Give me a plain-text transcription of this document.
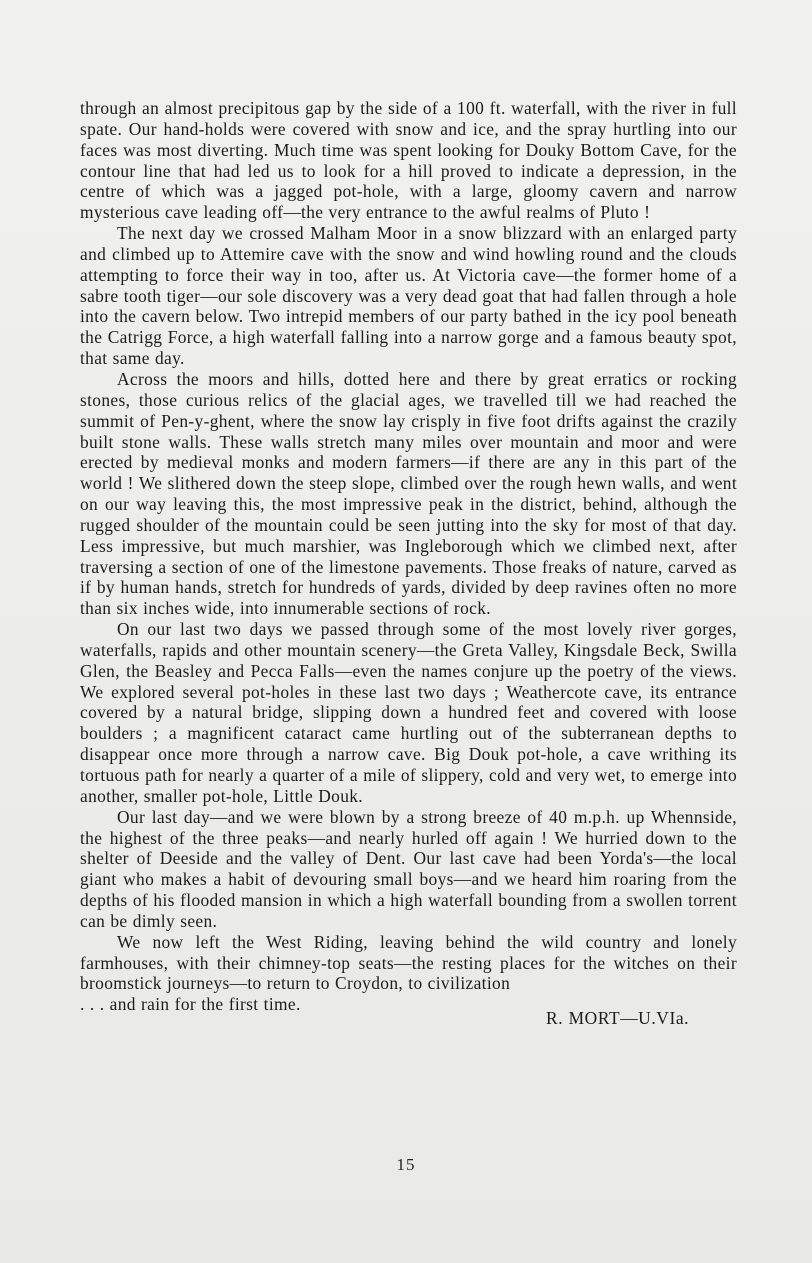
through an almost precipitous gap by the side of a 100 ft. waterfall, with the river in full spate. Our hand-holds were covered with snow and ice, and the spray hurtling into our faces was most diverting. Much time was spent looking for Douky Bottom Cave, for the contour line that had led us to look for a hill proved to indicate a depression, in the centre of which was a jagged pot-hole, with a large, gloomy cavern and narrow mysterious cave leading off—the very entrance to the awful realms of Pluto !

The next day we crossed Malham Moor in a snow blizzard with an enlarged party and climbed up to Attemire cave with the snow and wind howling round and the clouds attempting to force their way in too, after us. At Victoria cave—the former home of a sabre tooth tiger—our sole discovery was a very dead goat that had fallen through a hole into the cavern below. Two intrepid members of our party bathed in the icy pool beneath the Catrigg Force, a high waterfall falling into a narrow gorge and a famous beauty spot, that same day.

Across the moors and hills, dotted here and there by great erratics or rocking stones, those curious relics of the glacial ages, we travelled till we had reached the summit of Pen-y-ghent, where the snow lay crisply in five foot drifts against the crazily built stone walls. These walls stretch many miles over mountain and moor and were erected by medieval monks and modern farmers—if there are any in this part of the world ! We slithered down the steep slope, climbed over the rough hewn walls, and went on our way leaving this, the most impressive peak in the district, behind, although the rugged shoulder of the mountain could be seen jutting into the sky for most of that day. Less impressive, but much marshier, was Ingleborough which we climbed next, after traversing a section of one of the limestone pavements. Those freaks of nature, carved as if by human hands, stretch for hundreds of yards, divided by deep ravines often no more than six inches wide, into innumerable sections of rock.

On our last two days we passed through some of the most lovely river gorges, waterfalls, rapids and other mountain scenery—the Greta Valley, Kingsdale Beck, Swilla Glen, the Beasley and Pecca Falls—even the names conjure up the poetry of the views. We explored several pot-holes in these last two days ; Weathercote cave, its entrance covered by a natural bridge, slipping down a hundred feet and covered with loose boulders ; a magnificent cataract came hurtling out of the subterranean depths to disappear once more through a narrow cave. Big Douk pot-hole, a cave writhing its tortuous path for nearly a quarter of a mile of slippery, cold and very wet, to emerge into another, smaller pot-hole, Little Douk.

Our last day—and we were blown by a strong breeze of 40 m.p.h. up Whennside, the highest of the three peaks—and nearly hurled off again ! We hurried down to the shelter of Deeside and the valley of Dent. Our last cave had been Yorda's—the local giant who makes a habit of devouring small boys—and we heard him roaring from the depths of his flooded mansion in which a high waterfall bounding from a swollen torrent can be dimly seen.

We now left the West Riding, leaving behind the wild country and lonely farmhouses, with their chimney-top seats—the resting places for the witches on their broomstick journeys—to return to Croydon, to civilization

. . . and rain for the first time.
R. MORT—U.VIa.

15
